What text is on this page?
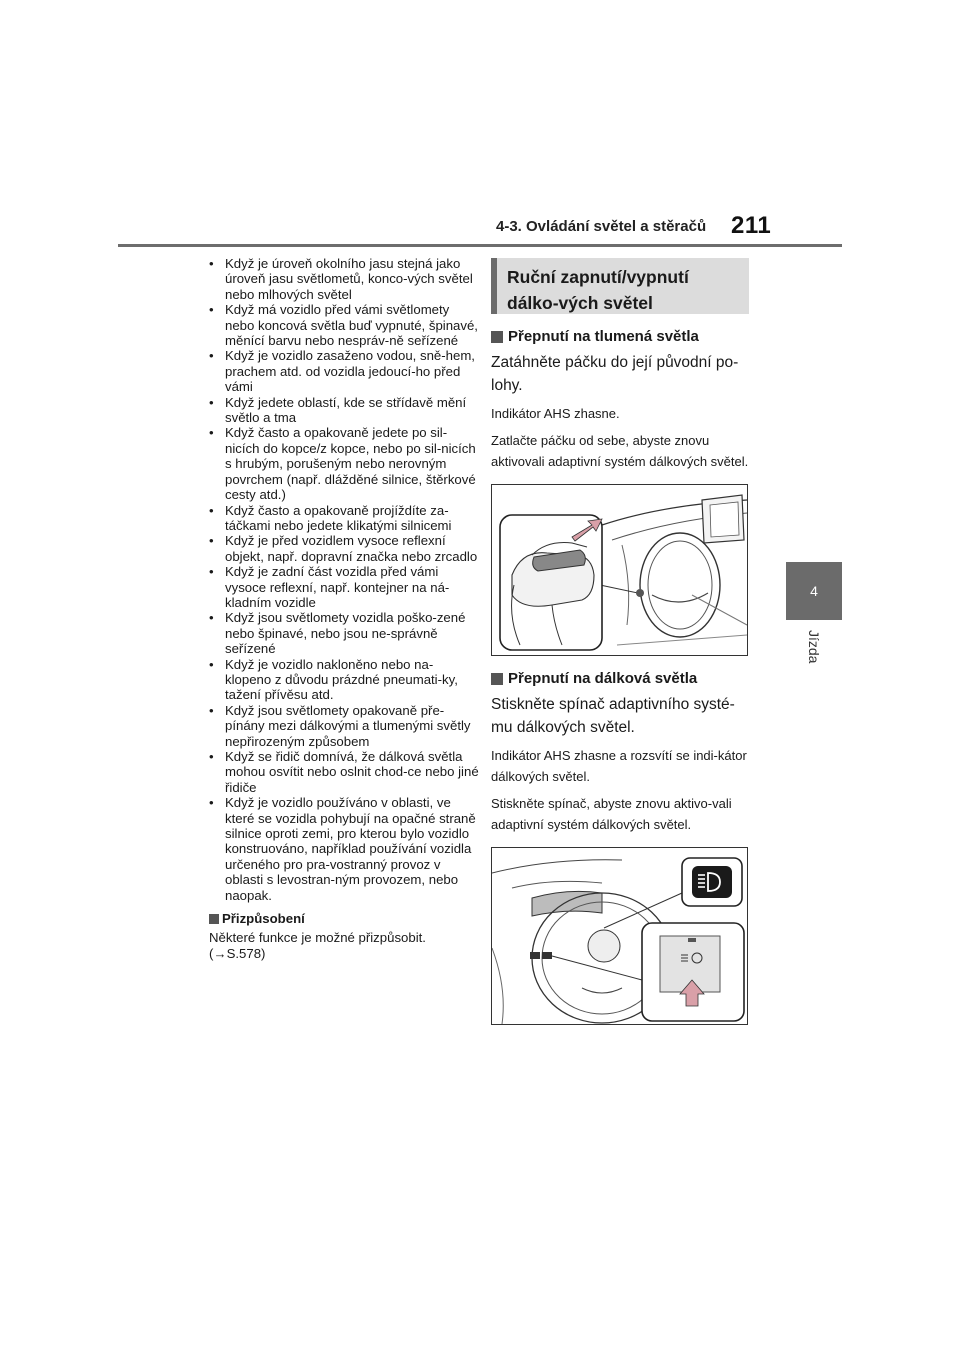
4-3. Ovládání světel a stěračů 211
4
Jízda
• Když je úroveň okolního jasu stejná jako úroveň jasu světlometů, konco-vých světel nebo mlhových světel
• Když má vozidlo před vámi světlomety nebo koncová světla buď vypnuté, špinavé, měnící barvu nebo nespráv-ně seřízené
• Když je vozidlo zasaženo vodou, sně-hem, prachem atd. od vozidla jedoucí-ho před vámi
• Když jedete oblastí, kde se střídavě mění světlo a tma
• Když často a opakovaně jedete po sil-nicích do kopce/z kopce, nebo po sil-nicích s hrubým, porušeným nebo nerovným povrchem (např. dlážděné silnice, štěrkové cesty atd.)
• Když často a opakovaně projíždíte za-táčkami nebo jedete klikatými silnicemi
• Když je před vozidlem vysoce reflexní objekt, např. dopravní značka nebo zrcadlo
• Když je zadní část vozidla před vámi vysoce reflexní, např. kontejner na ná-kladním vozidle
• Když jsou světlomety vozidla poško-zené nebo špinavé, nebo jsou ne-správně seřízené
• Když je vozidlo nakloněno nebo na-klopeno z důvodu prázdné pneumati-ky, tažení přívěsu atd.
• Když jsou světlomety opakovaně pře-pínány mezi dálkovými a tlumenými světly nepřirozeným způsobem
• Když se řidič domnívá, že dálková světla mohou osvítit nebo oslnit chod-ce nebo jiné řidiče
• Když je vozidlo používáno v oblasti, ve které se vozidla pohybují na opačné straně silnice oproti zemi, pro kterou bylo vozidlo konstruováno, například používání vozidla určeného pro pra-vostranný provoz v oblasti s levostran-ným provozem, nebo naopak.
Přizpůsobení

Některé funkce je možné přizpůsobit.

(→S.578)

Ruční zapnutí/vypnutí dálko-vých světel
Přepnutí na tlumená světla

Zatáhněte páčku do její původní po-lohy.

Indikátor AHS zhasne.

Zatlačte páčku od sebe, abyste znovu aktivovali adaptivní systém dálkových světel.

Přepnutí na dálková světla

Stiskněte spínač adaptivního systé-mu dálkových světel.

Indikátor AHS zhasne a rozsvítí se indi-kátor dálkových světel.

Stiskněte spínač, abyste znovu aktivo-vali adaptivní systém dálkových světel.
